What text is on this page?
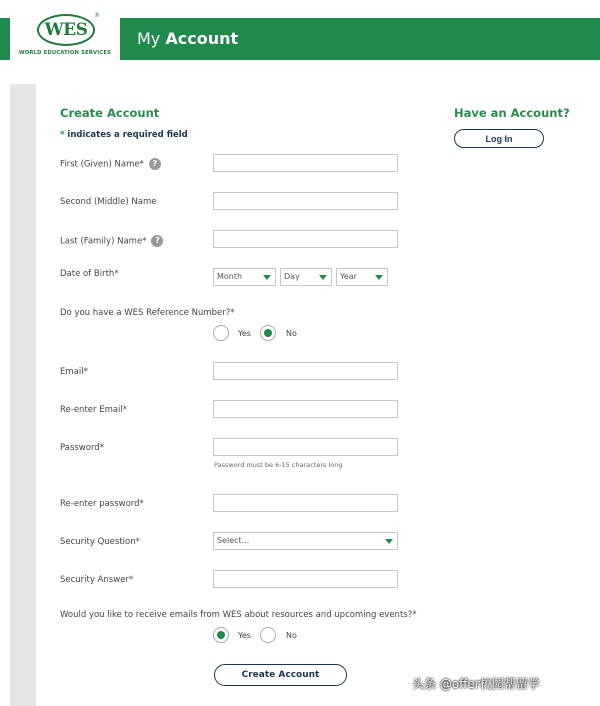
WES
®
WORLD EDUCATION SERVICES
My Account
Create Account
* indicates a required field
Have an Account?
Log In
First (Given) Name* ?
Second (Middle) Name
Last (Family) Name* ?
Date of Birth*	Month	Day	Year
Do you have a WES Reference Number?*
Yes	No
Email*
Re-enter Email*
Password*
Password must be 6-15 characters long
Re-enter password*
Security Question*	Select...
Security Answer*
Would you like to receive emails from WES about resources and upcoming events?*
Yes	No
Create Account
头条 @offer校园帮留学
